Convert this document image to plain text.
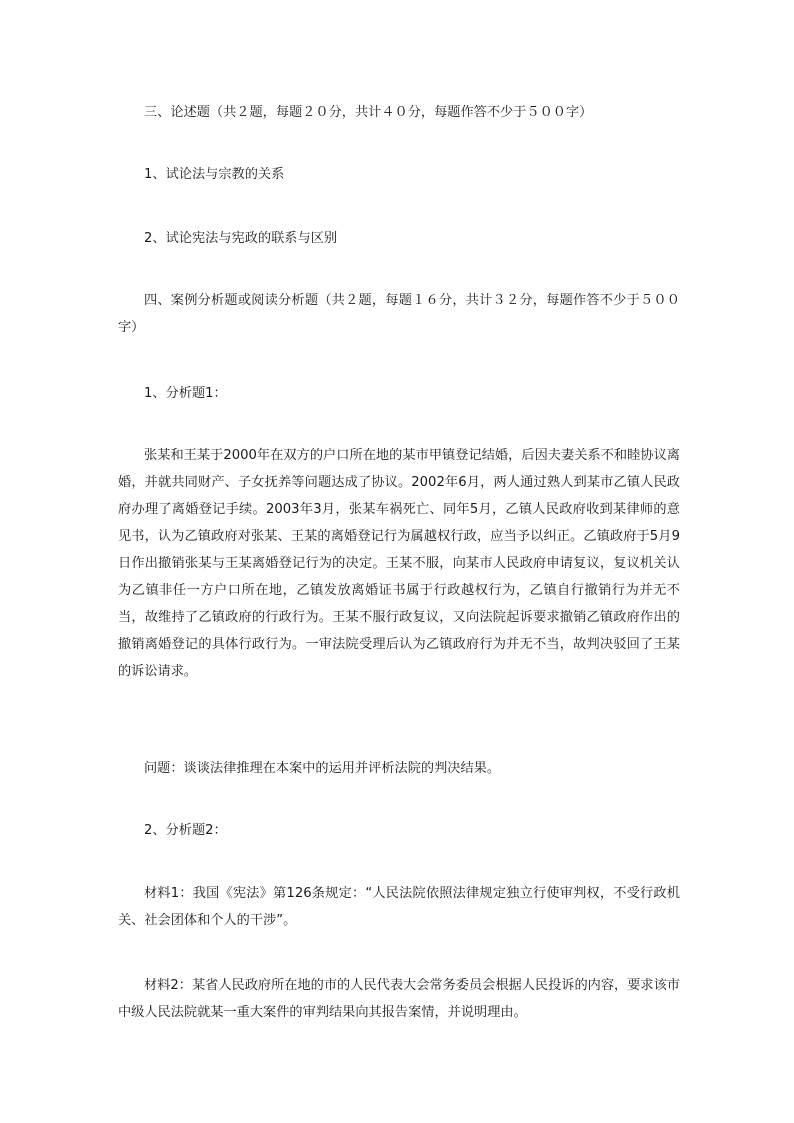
三、论述题（共２题，每题２０分，共计４０分，每题作答不少于５００字）
1、试论法与宗教的关系
2、试论宪法与宪政的联系与区别
四、案例分析题或阅读分析题（共２题，每题１６分，共计３２分，每题作答不少于５００字）
1、分析题1：
张某和王某于2000年在双方的户口所在地的某市甲镇登记结婚，后因夫妻关系不和睦协议离婚，并就共同财产、子女抚养等问题达成了协议。2002年6月，两人通过熟人到某市乙镇人民政府办理了离婚登记手续。2003年3月，张某车祸死亡、同年5月，乙镇人民政府收到某律师的意见书，认为乙镇政府对张某、王某的离婚登记行为属越权行政，应当予以纠正。乙镇政府于5月9日作出撤销张某与王某离婚登记行为的决定。王某不服，向某市人民政府申请复议，复议机关认为乙镇非任一方户口所在地，乙镇发放离婚证书属于行政越权行为，乙镇自行撤销行为并无不当，故维持了乙镇政府的行政行为。王某不服行政复议，又向法院起诉要求撤销乙镇政府作出的撤销离婚登记的具体行政行为。一审法院受理后认为乙镇政府行为并无不当，故判决驳回了王某的诉讼请求。
问题：谈谈法律推理在本案中的运用并评析法院的判决结果。
2、分析题2：
材料1：我国《宪法》第126条规定：“人民法院依照法律规定独立行使审判权，不受行政机关、社会团体和个人的干涉”。
材料2：某省人民政府所在地的市的人民代表大会常务委员会根据人民投诉的内容，要求该市中级人民法院就某一重大案件的审判结果向其报告案情，并说明理由。
